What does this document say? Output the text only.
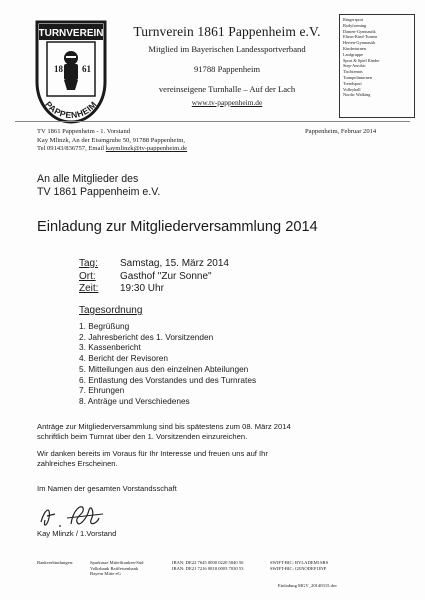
TURNVEREIN
18 61
PAPPENHEIM
Turnverein 1861 Pappenheim e.V.
Mitglied im Bayerischen Landessportverband
91788 Pappenheim
vereinseigene Turnhalle – Auf der Lach
www.tv-pappenheim.de
Ringersport
Bodyforming
Damen-Gymnastik
Eltern-Kind-Turnen
Herren-Gymnastik
Kinderturnen
Laufgruppe
Sport & Spiel Kinder
Step-Aerobic
Tischtennis
Trampolinturnen
Trendsport
Volleyball
Nordic Walking
TV 1861 Pappenheim - 1. Vorstand
Kay Mlinzk, An der Eisengrube 50, 91788 Pappenheim,
Tel 09143/836757, Email kaymlinzk@tv-pappenheim.de
Pappenheim, Februar 2014
An alle Mitglieder des
TV 1861 Pappenheim e.V.
Einladung zur Mitgliederversammlung 2014
Tag:	Samstag, 15. März 2014
Ort:	Gasthof "Zur Sonne"
Zeit:	19:30 Uhr
Tagesordnung
1. Begrüßung
2. Jahresbericht des 1. Vorsitzenden
3. Kassenbericht
4. Bericht der Revisoren
5. Mitteilungen aus den einzelnen Abteilungen
6. Entlastung des Vorstandes und des Turnrates
7. Ehrungen
8. Anträge und Verschiedenes
Anträge zur Mitgliederversammlung sind bis spätestens zum 08. März 2014
schriftlich beim Turnrat über den 1. Vorsitzenden einzureichen.
Wir danken bereits im Voraus für Ihr Interesse und freuen uns auf Ihr
zahlreiches Erscheinen.
Im Namen der gesamten Vorstandsschaft
Kay Mlinzk / 1.Vorstand
Bankverbindungen:	Sparkasse Mittelfranken-Süd
Volksbank Raiffeisenbank
Bayern Mitte eG
IBAN: DE22 7645 0000 0220 5840 56
IBAN: DE21 7216 0818 0003 7030 53
SWIFT-BIC: BYLADEM1SRS
SWIFT-BIC: GENODEF1INP
Einladung MGV_20140315.doc
